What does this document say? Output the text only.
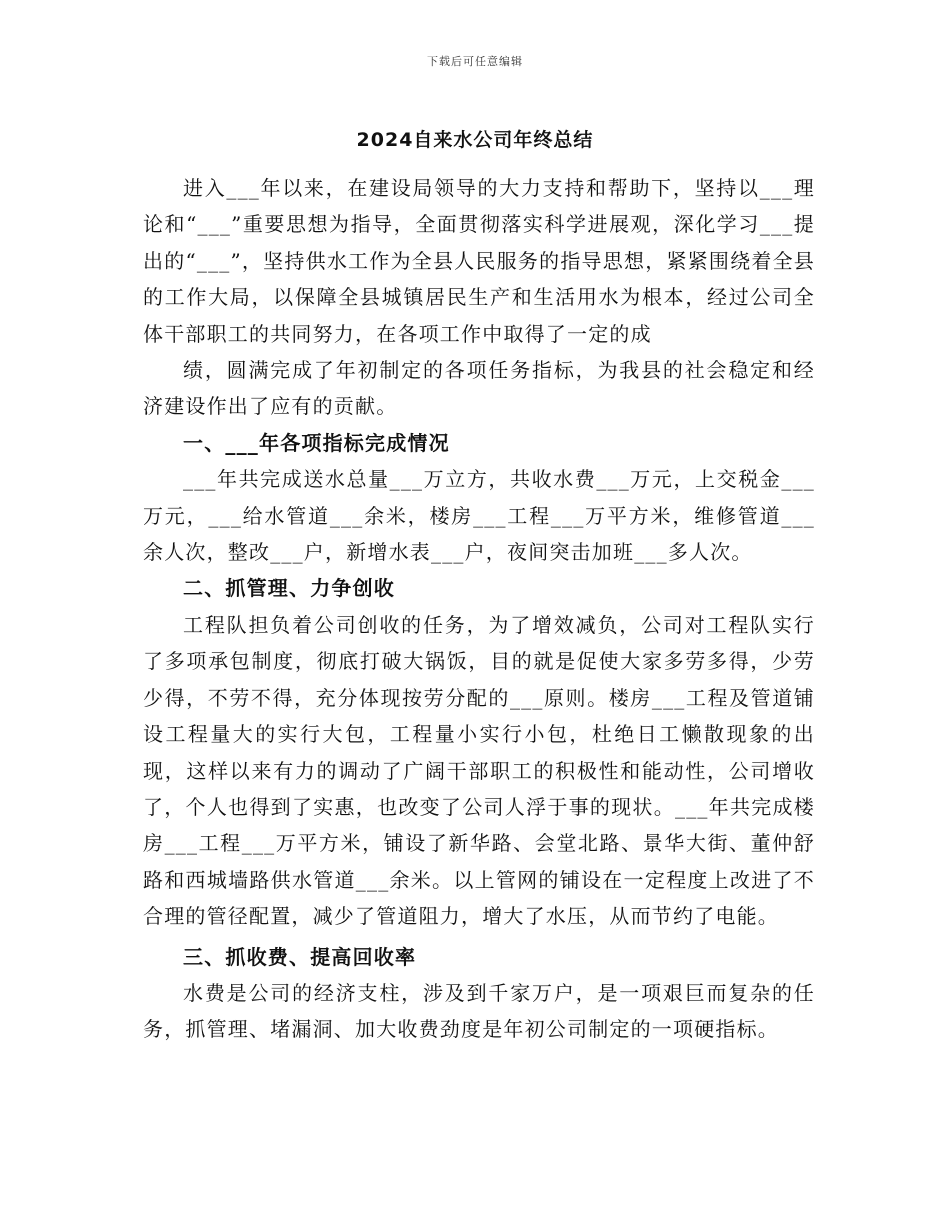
下载后可任意编辑
2024自来水公司年终总结

进入___年以来，在建设局领导的大力支持和帮助下，坚持以___理论和“___”重要思想为指导，全面贯彻落实科学进展观，深化学习___提出的“___”，坚持供水工作为全县人民服务的指导思想，紧紧围绕着全县的工作大局，以保障全县城镇居民生产和生活用水为根本，经过公司全体干部职工的共同努力，在各项工作中取得了一定的成

绩，圆满完成了年初制定的各项任务指标，为我县的社会稳定和经济建设作出了应有的贡献。

一、___年各项指标完成情况

___年共完成送水总量___万立方，共收水费___万元，上交税金___万元，___给水管道___余米，楼房___工程___万平方米，维修管道___余人次，整改___户，新增水表___户，夜间突击加班___多人次。

二、抓管理、力争创收

工程队担负着公司创收的任务，为了增效减负，公司对工程队实行了多项承包制度，彻底打破大锅饭，目的就是促使大家多劳多得，少劳少得，不劳不得，充分体现按劳分配的___原则。楼房___工程及管道铺设工程量大的实行大包，工程量小实行小包，杜绝日工懒散现象的出现，这样以来有力的调动了广阔干部职工的积极性和能动性，公司增收了，个人也得到了实惠，也改变了公司人浮于事的现状。___年共完成楼房___工程___万平方米，铺设了新华路、会堂北路、景华大街、董仲舒路和西城墙路供水管道___余米。以上管网的铺设在一定程度上改进了不合理的管径配置，减少了管道阻力，增大了水压，从而节约了电能。

三、抓收费、提高回收率

水费是公司的经济支柱，涉及到千家万户，是一项艰巨而复杂的任务，抓管理、堵漏洞、加大收费劲度是年初公司制定的一项硬指标。
